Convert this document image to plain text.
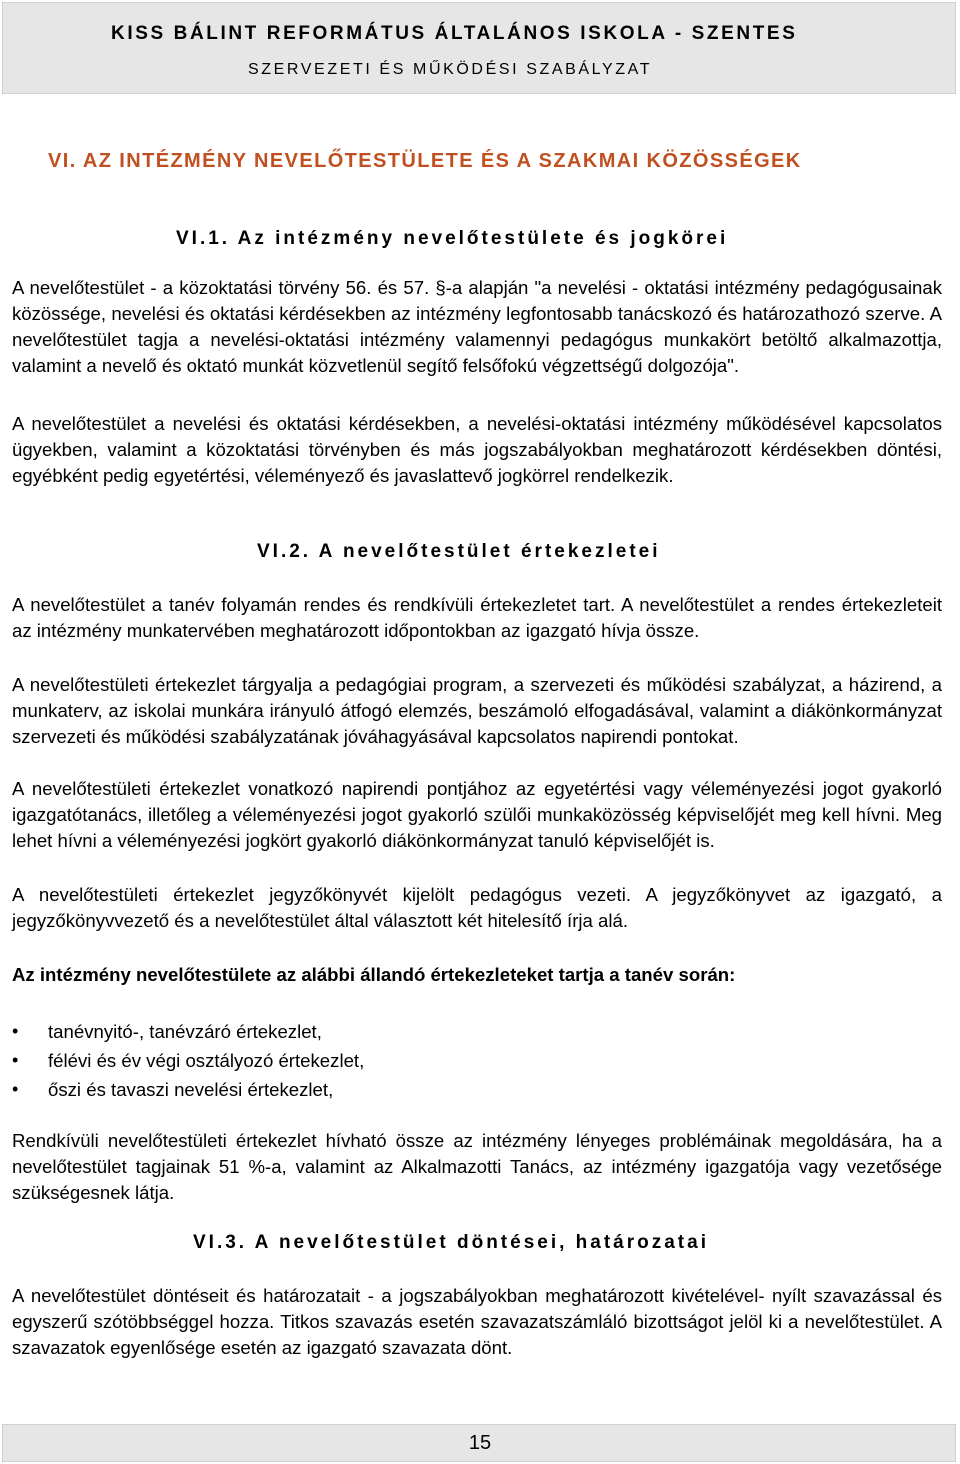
KISS BÁLINT REFORMÁTUS ÁLTALÁNOS ISKOLA - SZENTES
SZERVEZETI ÉS MŰKÖDÉSI SZABÁLYZAT
VI. AZ INTÉZMÉNY NEVELŐTESTÜLETE ÉS A SZAKMAI KÖZÖSSÉGEK
VI.1. Az intézmény nevelőtestülete és jogkörei

A nevelőtestület - a közoktatási törvény 56. és 57. §-a alapján "a nevelési - oktatási intézmény pedagógusainak közössége, nevelési és oktatási kérdésekben az intézmény legfontosabb tanácskozó és határozathozó szerve. A nevelőtestület tagja a nevelési-oktatási intézmény valamennyi pedagógus munkakört betöltő alkalmazottja, valamint a nevelő és oktató munkát közvetlenül segítő felsőfokú végzettségű dolgozója".

A nevelőtestület a nevelési és oktatási kérdésekben, a nevelési-oktatási intézmény működésével kapcsolatos ügyekben, valamint a közoktatási törvényben és más jogszabályokban meghatározott kérdésekben döntési, egyébként pedig egyetértési, véleményező és javaslattevő jogkörrel rendelkezik.

VI.2. A nevelőtestület értekezletei

A nevelőtestület a tanév folyamán rendes és rendkívüli értekezletet tart. A nevelőtestület a rendes értekezleteit az intézmény munkatervében meghatározott időpontokban az igazgató hívja össze.

A nevelőtestületi értekezlet tárgyalja a pedagógiai program, a szervezeti és működési szabályzat, a házirend, a munkaterv, az iskolai munkára irányuló átfogó elemzés, beszámoló elfogadásával, valamint a diákönkormányzat szervezeti és működési szabályzatának jóváhagyásával kapcsolatos napirendi pontokat.

A nevelőtestületi értekezlet vonatkozó napirendi pontjához az egyetértési vagy véleményezési jogot gyakorló igazgatótanács, illetőleg a véleményezési jogot gyakorló szülői munkaközösség képviselőjét meg kell hívni. Meg lehet hívni a véleményezési jogkört gyakorló diákönkormányzat tanuló képviselőjét is.

A nevelőtestületi értekezlet jegyzőkönyvét kijelölt pedagógus vezeti. A jegyzőkönyvet az igazgató, a jegyzőkönyvvezető és a nevelőtestület által választott két hitelesítő írja alá.

Az intézmény nevelőtestülete az alábbi állandó értekezleteket tartja a tanév során:
• tanévnyitó-, tanévzáró értekezlet,
• félévi és év végi osztályozó értekezlet,
• őszi és tavaszi nevelési értekezlet,

Rendkívüli nevelőtestületi értekezlet hívható össze az intézmény lényeges problémáinak megoldására, ha a nevelőtestület tagjainak 51 %-a, valamint az Alkalmazotti Tanács, az intézmény igazgatója vagy vezetősége szükségesnek látja.

VI.3. A nevelőtestület döntései, határozatai

A nevelőtestület döntéseit és határozatait - a jogszabályokban meghatározott kivételével- nyílt szavazással és egyszerű szótöbbséggel hozza. Titkos szavazás esetén szavazatszámláló bizottságot jelöl ki a nevelőtestület. A szavazatok egyenlősége esetén az igazgató szavazata dönt.

15
